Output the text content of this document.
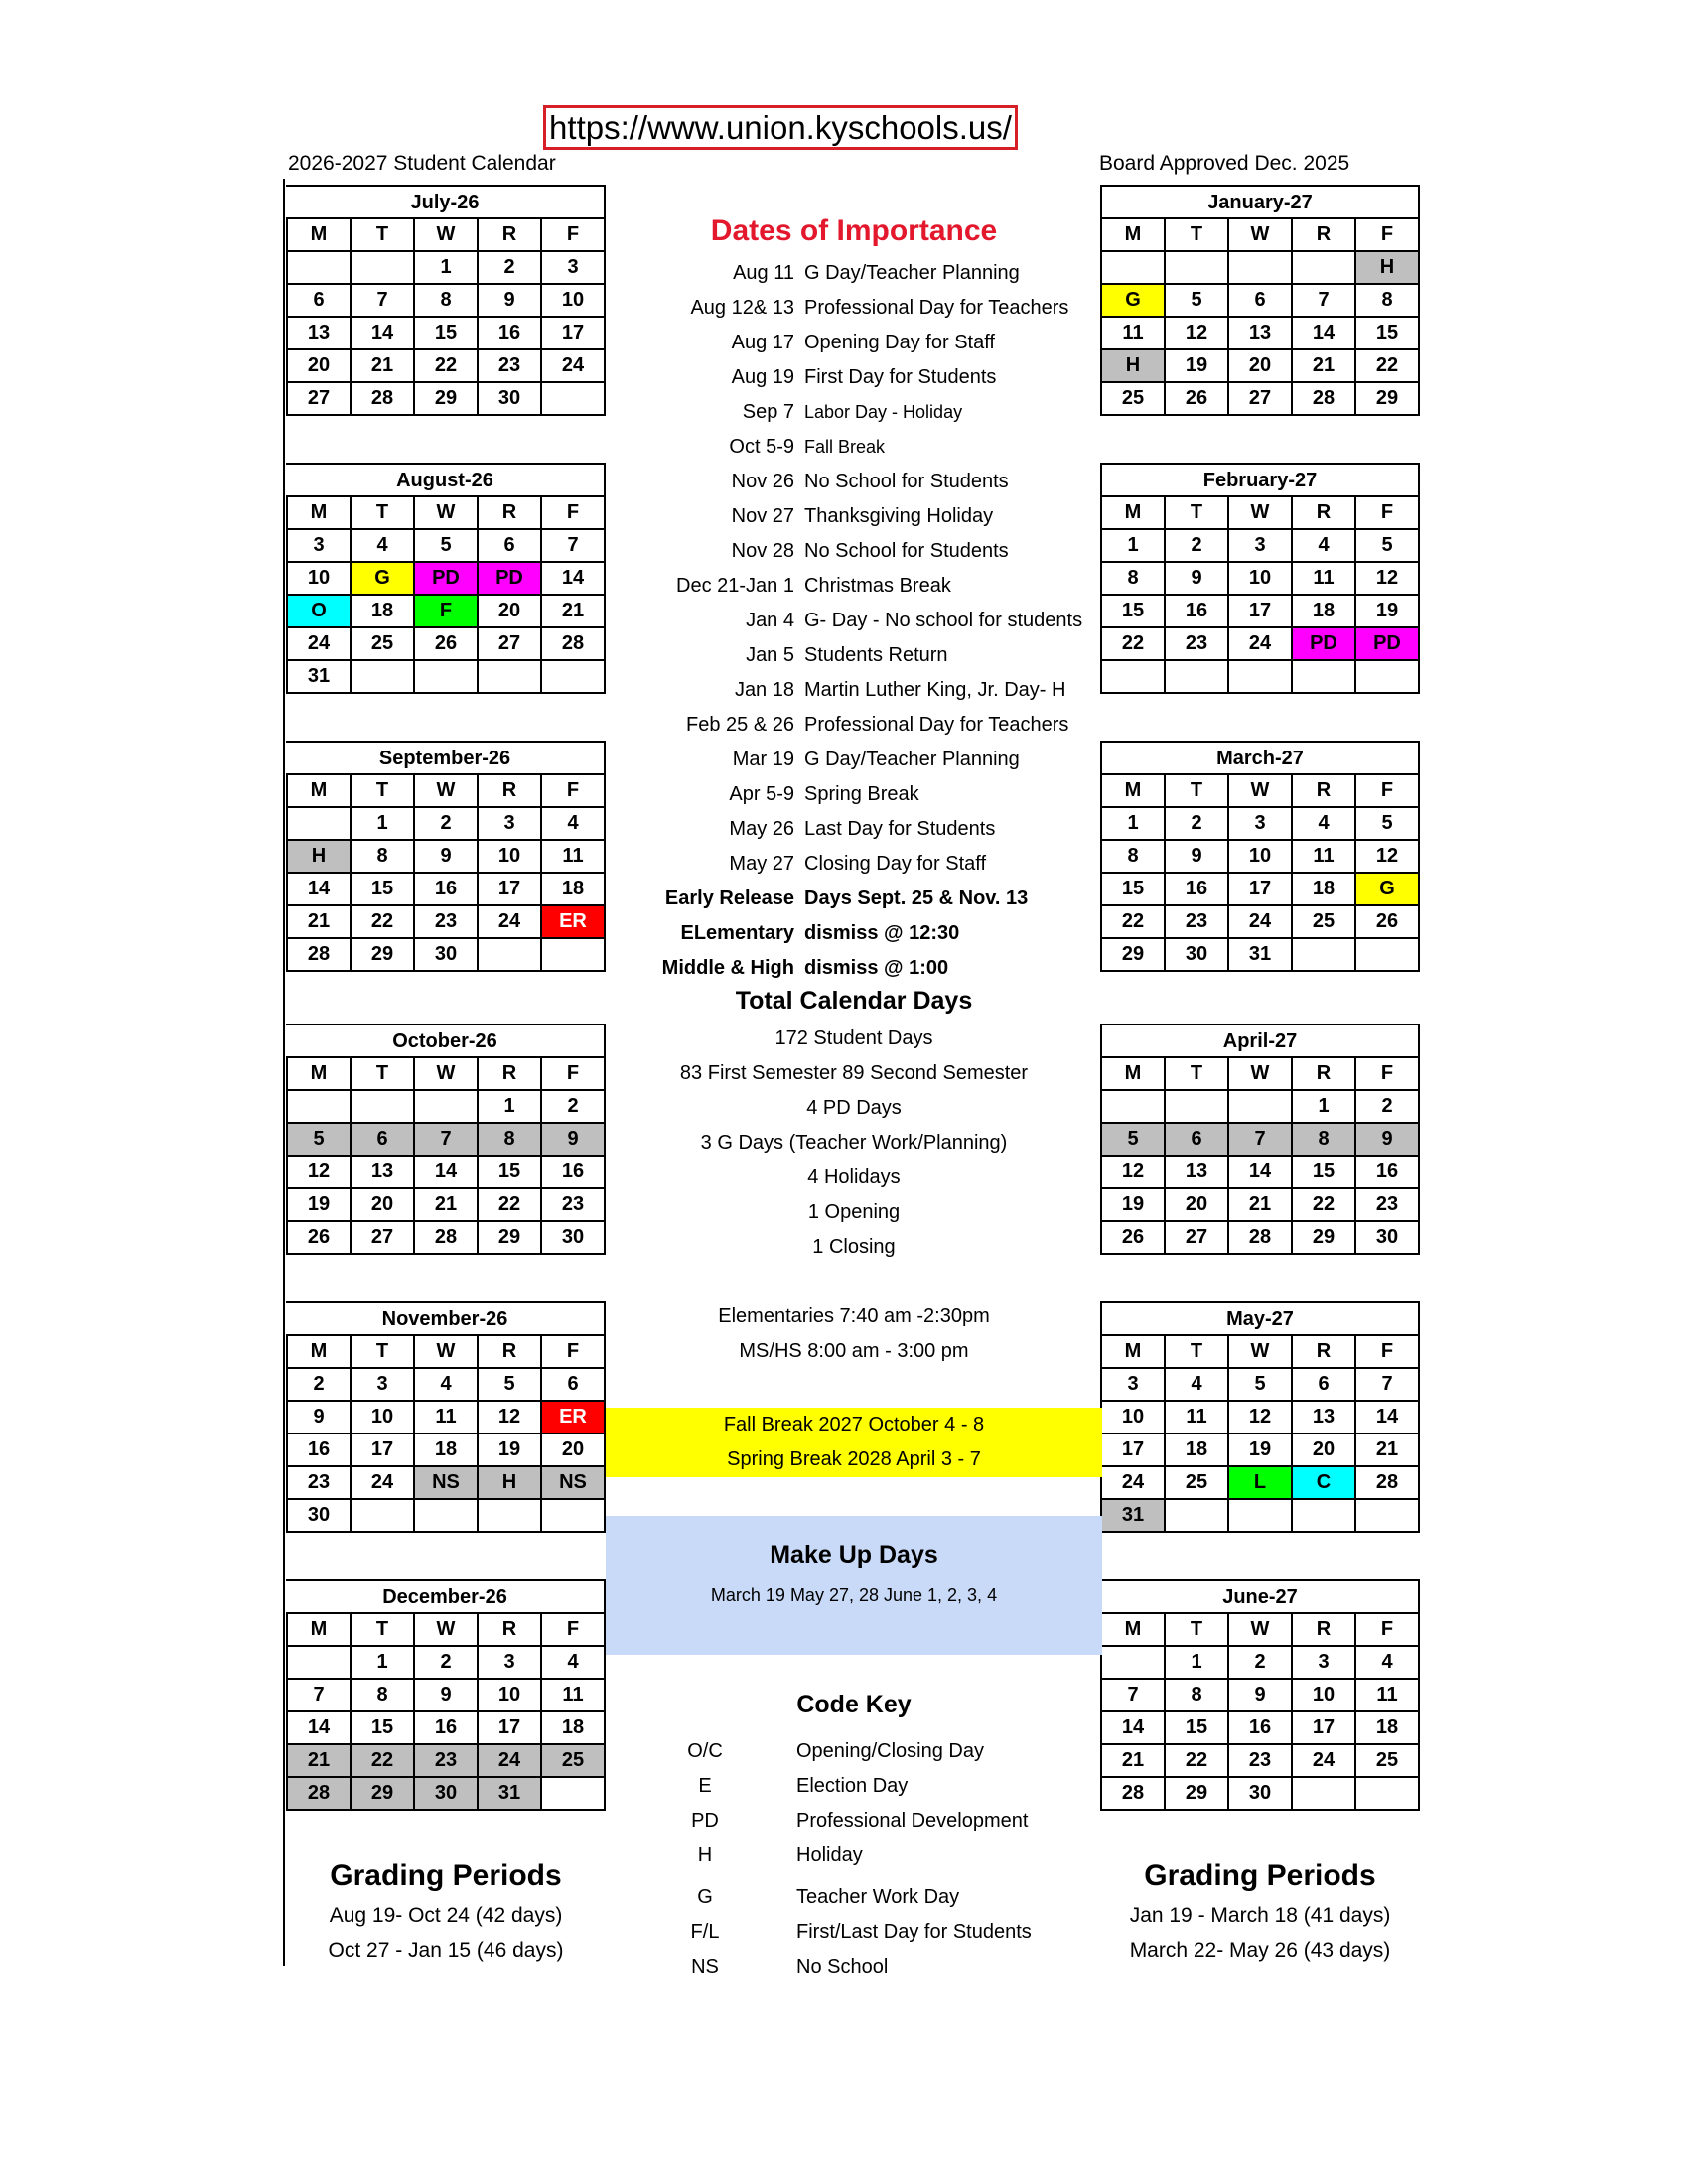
https://www.union.kyschools.us/
2026-2027 Student Calendar	Board Approved Dec. 2025
July-26
M	T	W	R	F
		1	2	3
6	7	8	9	10
13	14	15	16	17
20	21	22	23	24
27	28	29	30	
August-26
M	T	W	R	F
3	4	5	6	7
10	G	PD	PD	14
O	18	F	20	21
24	25	26	27	28
31				
September-26
M	T	W	R	F
	1	2	3	4
H	8	9	10	11
14	15	16	17	18
21	22	23	24	ER
28	29	30		
October-26
M	T	W	R	F
			1	2
5	6	7	8	9
12	13	14	15	16
19	20	21	22	23
26	27	28	29	30
November-26
M	T	W	R	F
2	3	4	5	6
9	10	11	12	ER
16	17	18	19	20
23	24	NS	H	NS
30				
December-26
M	T	W	R	F
	1	2	3	4
7	8	9	10	11
14	15	16	17	18
21	22	23	24	25
28	29	30	31	
January-27
M	T	W	R	F
				H
G	5	6	7	8
11	12	13	14	15
H	19	20	21	22
25	26	27	28	29
February-27
M	T	W	R	F
1	2	3	4	5
8	9	10	11	12
15	16	17	18	19
22	23	24	PD	PD

March-27
M	T	W	R	F
1	2	3	4	5
8	9	10	11	12
15	16	17	18	G
22	23	24	25	26
29	30	31		
April-27
M	T	W	R	F
			1	2
5	6	7	8	9
12	13	14	15	16
19	20	21	22	23
26	27	28	29	30
May-27
M	T	W	R	F
3	4	5	6	7
10	11	12	13	14
17	18	19	20	21
24	25	L	C	28
31				
June-27
M	T	W	R	F
	1	2	3	4
7	8	9	10	11
14	15	16	17	18
21	22	23	24	25
28	29	30		
Dates of Importance
Aug 11 G Day/Teacher Planning
Aug 12& 13 Professional Day for Teachers
Aug 17 Opening Day for Staff
Aug 19 First Day for Students
Sep 7 Labor Day - Holiday
Oct 5-9 Fall Break
Nov 26 No School for Students
Nov 27 Thanksgiving Holiday
Nov 28 No School for Students
Dec 21-Jan 1 Christmas Break
Jan 4 G- Day - No school for students
Jan 5 Students Return
Jan 18 Martin Luther King, Jr. Day- H
Feb 25 & 26 Professional Day for Teachers
Mar 19 G Day/Teacher Planning
Apr 5-9 Spring Break
May 26 Last Day for Students
May 27 Closing Day for Staff
Early Release Days Sept. 25 & Nov. 13
ELementary dismiss @ 12:30
Middle & High dismiss @ 1:00
Total Calendar Days
172 Student Days
83 First Semester 89 Second Semester
4 PD Days
3 G Days (Teacher Work/Planning)
4 Holidays
1 Opening
1 Closing
Elementaries 7:40 am -2:30pm
MS/HS 8:00 am - 3:00 pm
Fall Break 2027 October 4 - 8
Spring Break 2028 April 3 - 7
Make Up Days
March 19 May 27, 28 June 1, 2, 3, 4
Code Key
O/C	Opening/Closing Day
E	Election Day
PD	Professional Development
H	Holiday
G	Teacher Work Day
F/L	First/Last Day for Students
NS	No School
Grading Periods
Aug 19- Oct 24 (42 days)
Oct 27 - Jan 15 (46 days)
Grading Periods
Jan 19 - March 18 (41 days)
March 22- May 26 (43 days)
